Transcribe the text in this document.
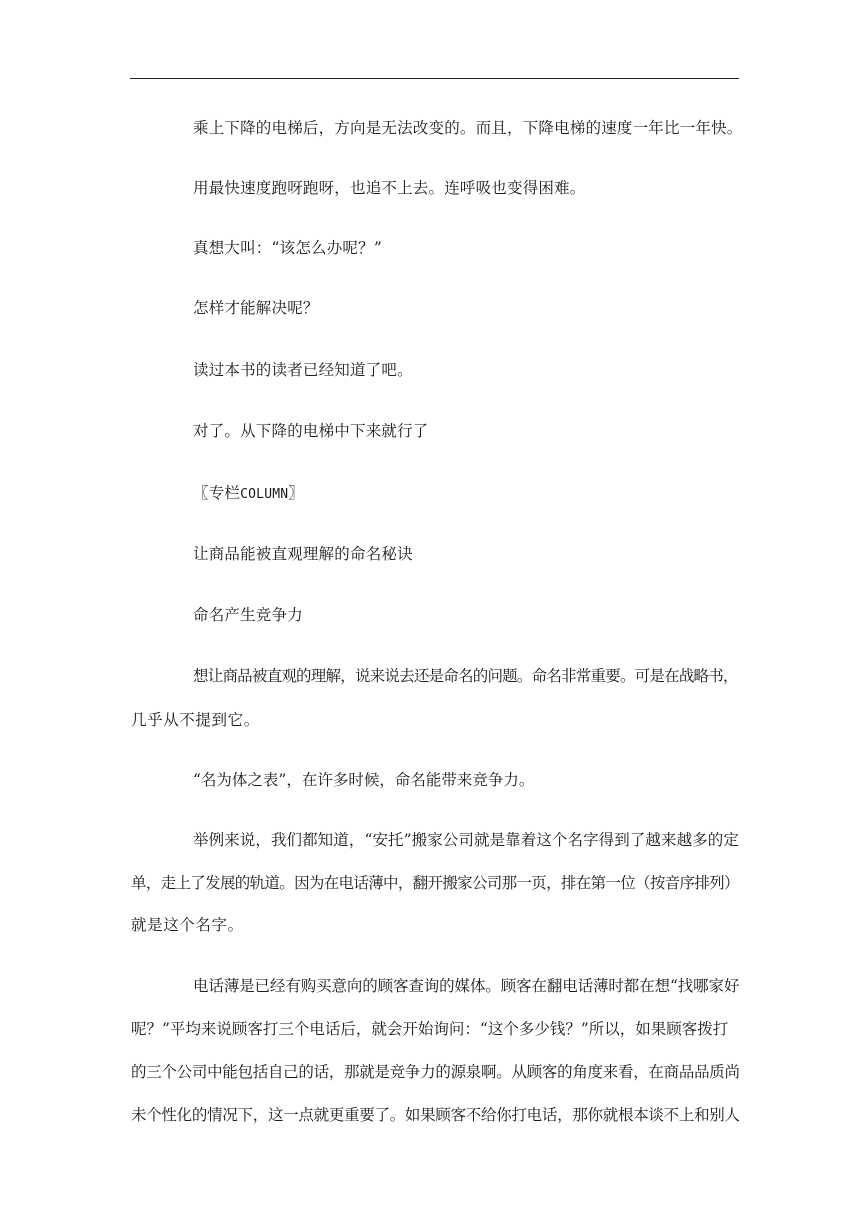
乘上下降的电梯后，方向是无法改变的。而且，下降电梯的速度一年比一年快。
用最快速度跑呀跑呀，也追不上去。连呼吸也变得困难。
真想大叫：“该怎么办呢？”
怎样才能解决呢？
读过本书的读者已经知道了吧。
对了。从下降的电梯中下来就行了
〖专栏COLUMN〗
让商品能被直观理解的命名秘诀
命名产生竞争力
想让商品被直观的理解，说来说去还是命名的问题。命名非常重要。可是在战略书，
几乎从不提到它。
“名为体之表”，在许多时候，命名能带来竞争力。
举例来说，我们都知道，“安托”搬家公司就是靠着这个名字得到了越来越多的定
单，走上了发展的轨道。因为在电话薄中，翻开搬家公司那一页，排在第一位（按音序排列）
就是这个名字。
电话薄是已经有购买意向的顾客查询的媒体。顾客在翻电话薄时都在想“找哪家好
呢？”平均来说顾客打三个电话后，就会开始询问：“这个多少钱？”所以，如果顾客拨打
的三个公司中能包括自己的话，那就是竞争力的源泉啊。从顾客的角度来看，在商品品质尚
未个性化的情况下，这一点就更重要了。如果顾客不给你打电话，那你就根本谈不上和别人
